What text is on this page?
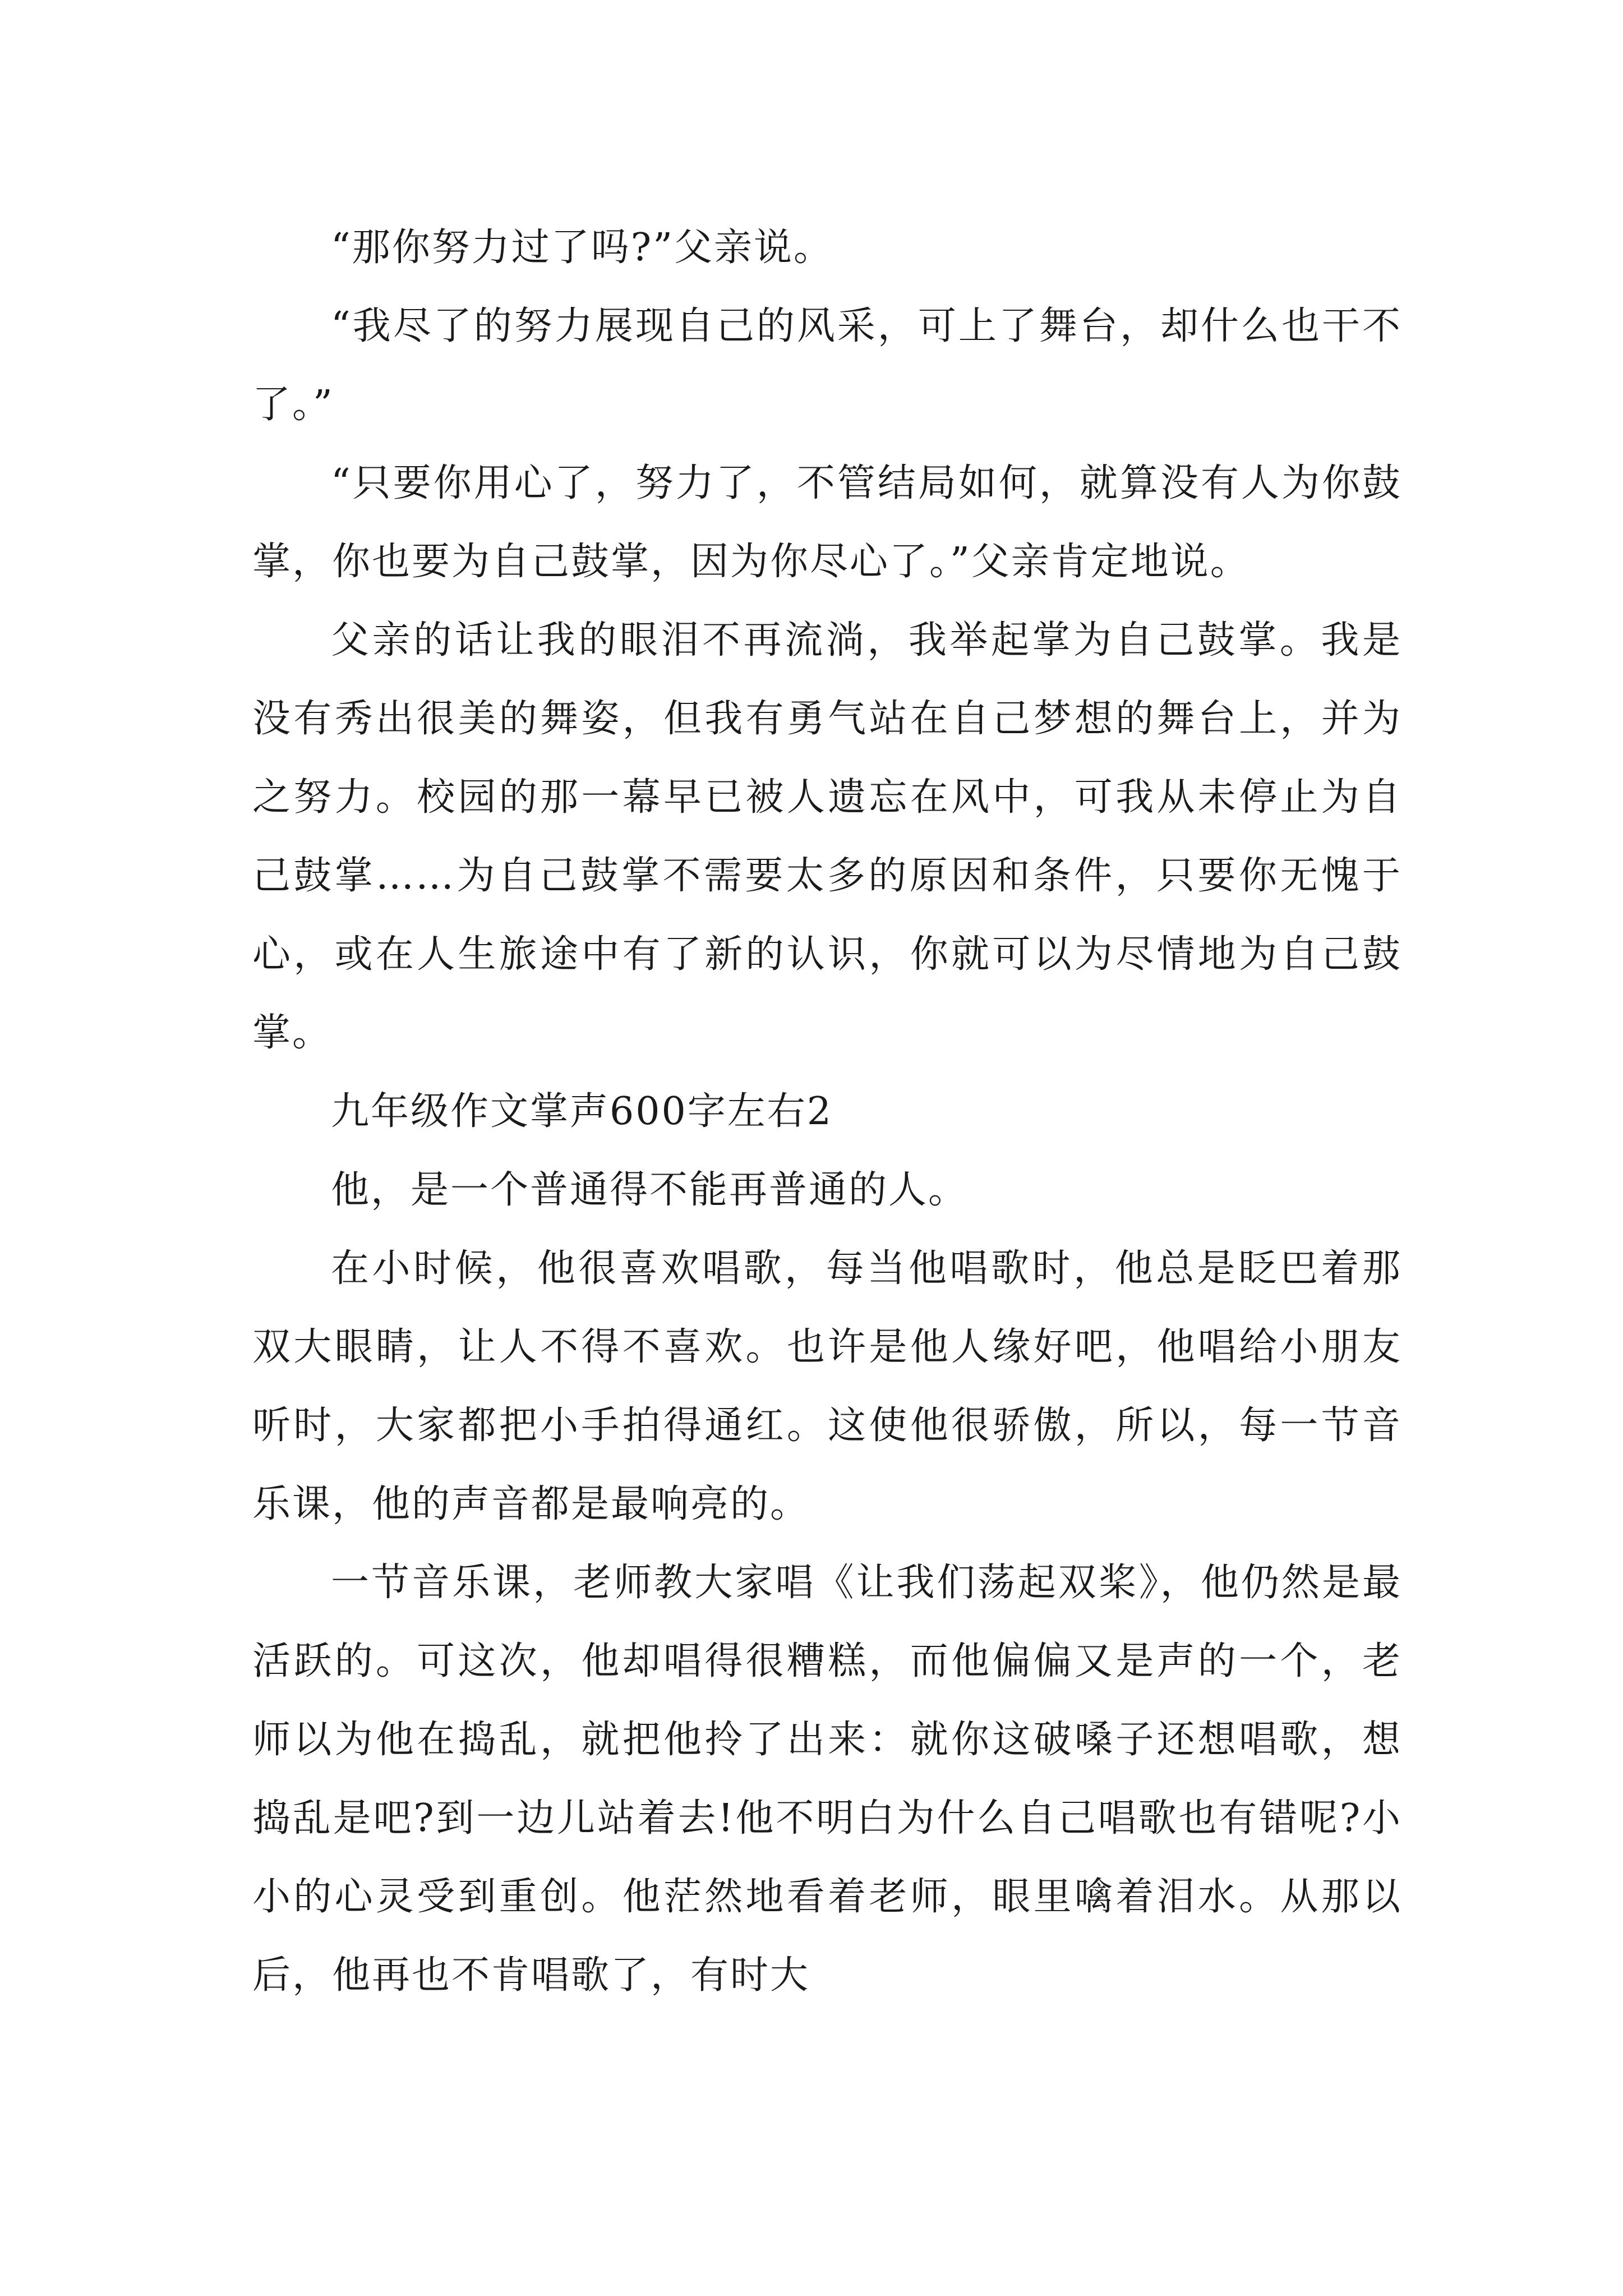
“那你努力过了吗?”父亲说。

“我尽了的努力展现自己的风采，可上了舞台，却什么也干不了。”

“只要你用心了，努力了，不管结局如何，就算没有人为你鼓掌，你也要为自己鼓掌，因为你尽心了。”父亲肯定地说。

父亲的话让我的眼泪不再流淌，我举起掌为自己鼓掌。我是没有秀出很美的舞姿，但我有勇气站在自己梦想的舞台上，并为之努力。校园的那一幕早已被人遗忘在风中，可我从未停止为自己鼓掌……为自己鼓掌不需要太多的原因和条件，只要你无愧于心，或在人生旅途中有了新的认识，你就可以为尽情地为自己鼓掌。

九年级作文掌声600字左右2

他，是一个普通得不能再普通的人。

在小时候，他很喜欢唱歌，每当他唱歌时，他总是眨巴着那双大眼睛，让人不得不喜欢。也许是他人缘好吧，他唱给小朋友听时，大家都把小手拍得通红。这使他很骄傲，所以，每一节音乐课，他的声音都是最响亮的。

一节音乐课，老师教大家唱《让我们荡起双桨》，他仍然是最活跃的。可这次，他却唱得很糟糕，而他偏偏又是声的一个，老师以为他在捣乱，就把他拎了出来：就你这破嗓子还想唱歌，想捣乱是吧?到一边儿站着去!他不明白为什么自己唱歌也有错呢?小小的心灵受到重创。他茫然地看着老师，眼里噙着泪水。从那以后，他再也不肯唱歌了，有时大
